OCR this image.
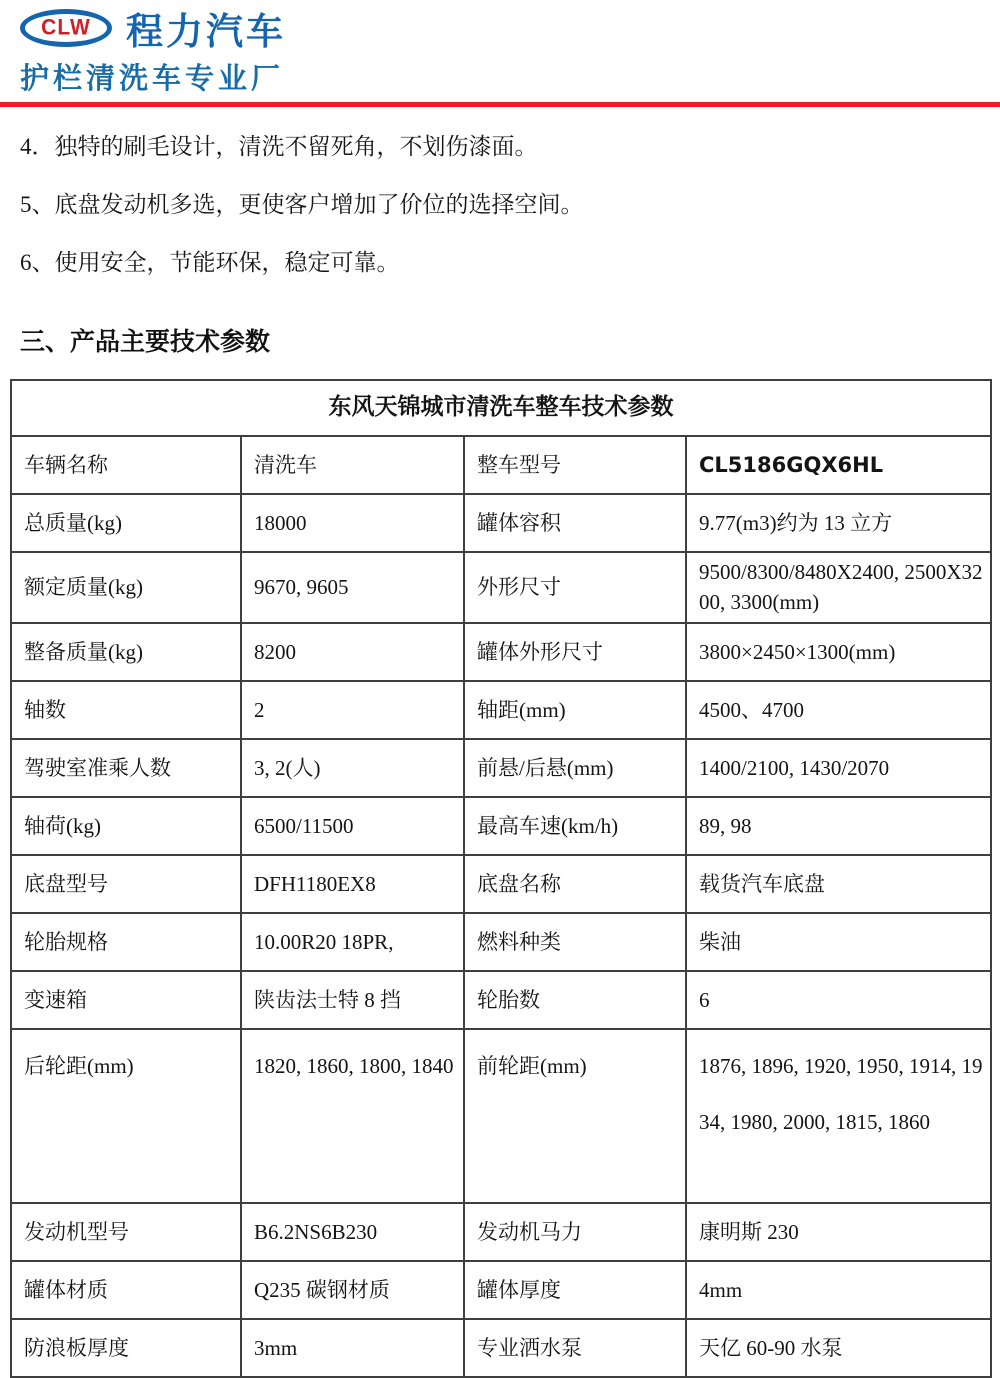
CLW 程力汽车
护栏清洗车专业厂

4．独特的刷毛设计，清洗不留死角，不划伤漆面。

5、底盘发动机多选，更使客户增加了价位的选择空间。

6、使用安全，节能环保，稳定可靠。

三、产品主要技术参数
东风天锦城市清洗车整车技术参数			
车辆名称	清洗车	整车型号	CL5186GQX6HL
总质量(kg)	18000	罐体容积	9.77(m3)约为 13 立方
额定质量(kg)	9670, 9605	外形尺寸	9500/8300/8480X2400, 2500X3200, 3300(mm)
整备质量(kg)	8200	罐体外形尺寸	3800×2450×1300(mm)
轴数	2	轴距(mm)	4500、4700
驾驶室准乘人数	3, 2(人)	前悬/后悬(mm)	1400/2100, 1430/2070
轴荷(kg)	6500/11500	最高车速(km/h)	89, 98
底盘型号	DFH1180EX8	底盘名称	载货汽车底盘
轮胎规格	10.00R20 18PR,	燃料种类	柴油
变速箱	陕齿法士特 8 挡	轮胎数	6
后轮距(mm)	1820, 1860, 1800, 1840	前轮距(mm)	1876, 1896, 1920, 1950, 1914, 1934, 1980, 2000, 1815, 1860
发动机型号	B6.2NS6B230	发动机马力	康明斯 230
罐体材质	Q235 碳钢材质	罐体厚度	4mm
防浪板厚度	3mm	专业洒水泵	天亿 60-90 水泵
